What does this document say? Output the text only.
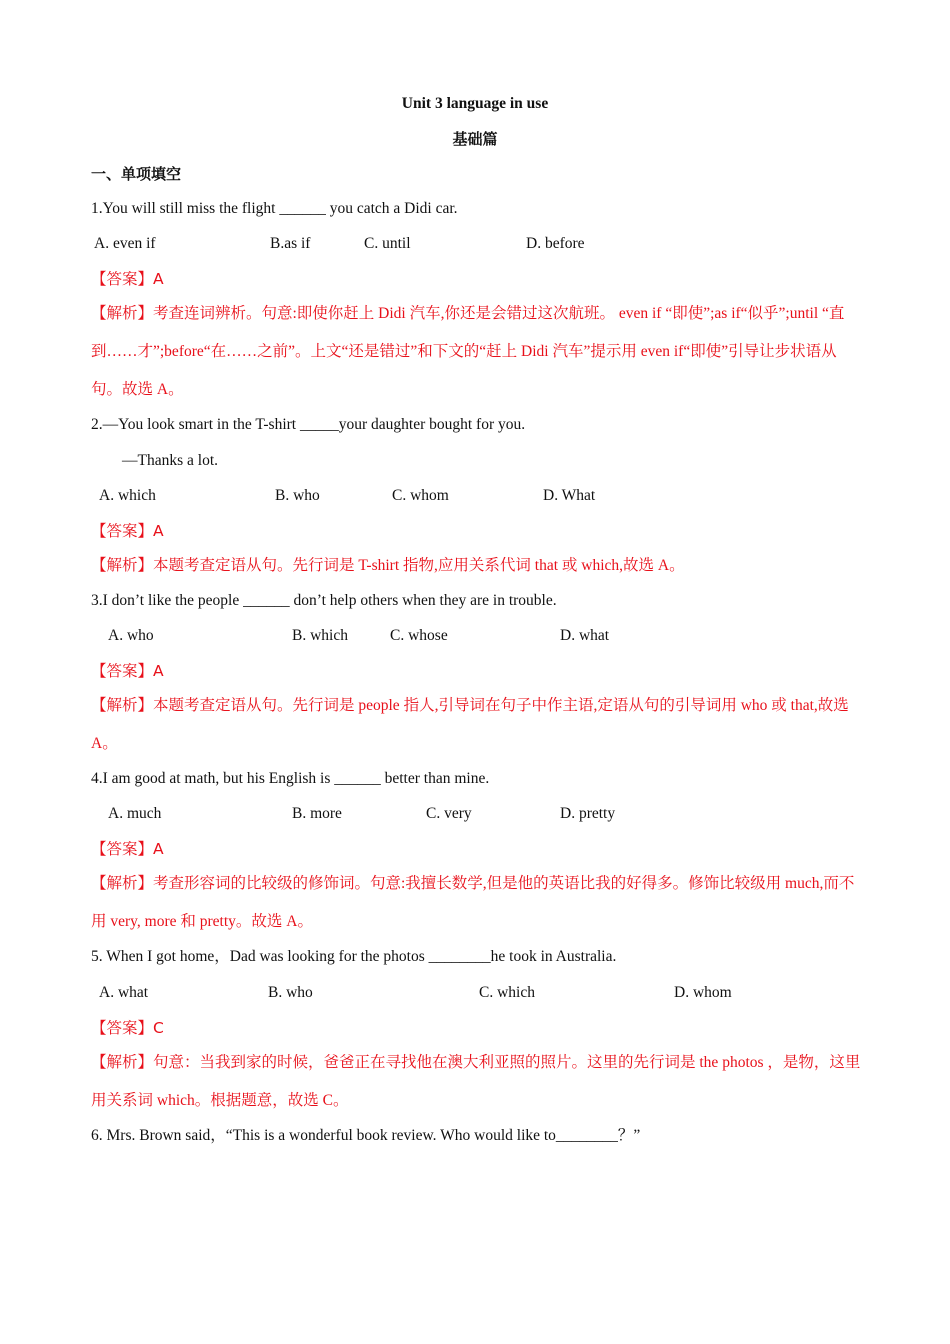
Unit 3 language in use
基础篇
一、单项填空
1.You will still miss the flight ______ you catch a Didi car.
A. even if	B.as if	C. until	D. before
【答案】A
【解析】考查连词辨析。句意:即使你赶上 Didi 汽车,你还是会错过这次航班。 even if “即使”;as if“似乎”;until “直到……才”;before“在……之前”。上文“还是错过”和下文的“赶上 Didi 汽车”提示用 even if“即使”引导让步状语从句。故选 A。
2.—You look smart in the T-shirt _____your daughter bought for you.
—Thanks a lot.
A. which	B. who	C. whom	D. What
【答案】A
【解析】本题考查定语从句。先行词是 T-shirt 指物,应用关系代词 that 或 which,故选 A。
3.I don’t like the people ______ don’t help others when they are in trouble.
A. who	B. which	C. whose	D. what
【答案】A
【解析】本题考查定语从句。先行词是 people 指人,引导词在句子中作主语,定语从句的引导词用 who 或 that,故选 A。
4.I am good at math, but his English is ______ better than mine.
A. much	B. more	C. very	D. pretty
【答案】A
【解析】考查形容词的比较级的修饰词。句意:我擅长数学,但是他的英语比我的好得多。修饰比较级用 much,而不用 very, more 和 pretty。故选 A。
5. When I got home，Dad was looking for the photos ________he took in Australia.
A. what	B. who	C. which	D. whom
【答案】C
【解析】句意：当我到家的时候，爸爸正在寻找他在澳大利亚照的照片。这里的先行词是 the photos ，是物，这里用关系词 which。根据题意，故选 C。
6. Mrs. Brown said，“This is a wonderful book review. Who would like to________？”
